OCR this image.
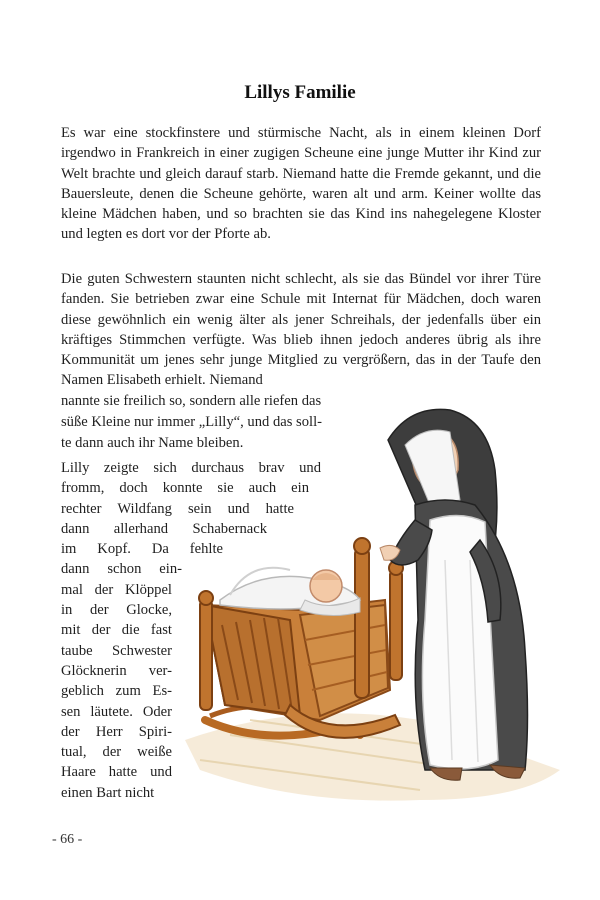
Lillys Familie

Es war eine stockfinstere und stürmische Nacht, als in einem kleinen Dorf irgendwo in Frankreich in einer zugigen Scheune eine junge Mutter ihr Kind zur Welt brachte und gleich darauf starb. Niemand hatte die Fremde gekannt, und die Bauersleute, denen die Scheune gehörte, waren alt und arm. Keiner wollte das kleine Mädchen haben, und so brachten sie das Kind ins nahegelegene Kloster und legten es dort vor der Pforte ab.

Die guten Schwestern staunten nicht schlecht, als sie das Bündel vor ihrer Türe fanden. Sie betrieben zwar eine Schule mit Internat für Mädchen, doch waren diese gewöhnlich ein wenig älter als jener Schreihals, der jedenfalls über ein kräftiges Stimmchen verfügte. Was blieb ihnen jedoch anderes übrig als ihre Kommunität um jenes sehr junge Mitglied zu vergrößern, das in der Taufe den Namen Elisabeth erhielt. Niemand

nannte sie freilich so, sondern alle riefen das
süße Kleine nur immer „Lilly“, und das soll-
te dann auch ihr Name bleiben.
Lilly zeigte sich durchaus brav und
fromm, doch konnte sie auch ein
rechter Wildfang sein und hatte
dann allerhand Schabernack
im Kopf. Da fehlte
dann schon ein-
mal der Klöppel
in der Glocke,
mit der die fast
taube Schwester
Glöcknerin ver-
geblich zum Es-
sen läutete. Oder
der Herr Spiri-
tual, der weiße
Haare hatte und
einen Bart nicht
- 66 -
